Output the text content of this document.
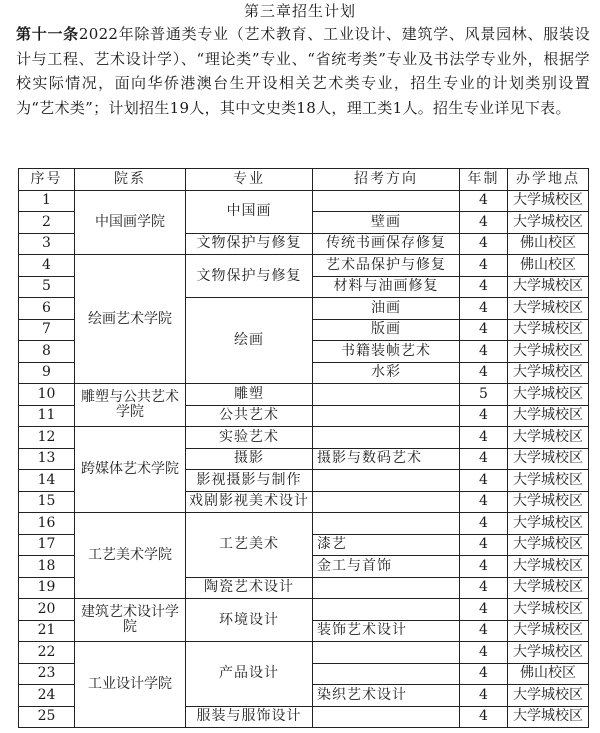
第三章招生计划
第十一条2022年除普通类专业（艺术教育、工业设计、建筑学、风景园林、服装设计与工程、艺术设计学）、“理论类”专业、“省统考类”专业及书法学专业外，根据学校实际情况，面向华侨港澳台生开设相关艺术类专业，招生专业的计划类别设置为“艺术类”；计划招生19人，其中文史类18人，理工类1人。招生专业详见下表。
序号	院系	专业	招考方向	年制	办学地点
1	中国画学院	中国画		4	大学城校区
2			壁画	4	大学城校区
3		文物保护与修复	传统书画保存修复	4	佛山校区
4	绘画艺术学院	文物保护与修复	艺术品保护与修复	4	佛山校区
5			材料与油画修复	4	大学城校区
6		绘画	油画	4	大学城校区
7			版画	4	大学城校区
8			书籍装帧艺术	4	大学城校区
9			水彩	4	大学城校区
10	雕塑与公共艺术学院	雕塑		5	大学城校区
11		公共艺术		4	大学城校区
12	跨媒体艺术学院	实验艺术		4	大学城校区
13		摄影	摄影与数码艺术	4	大学城校区
14		影视摄影与制作		4	大学城校区
15		戏剧影视美术设计		4	大学城校区
16	工艺美术学院	工艺美术		4	大学城校区
17			漆艺	4	大学城校区
18			金工与首饰	4	大学城校区
19		陶瓷艺术设计		4	大学城校区
20	建筑艺术设计学院	环境设计		4	大学城校区
21			装饰艺术设计	4	大学城校区
22	工业设计学院	产品设计		4	大学城校区
23				4	佛山校区
24			染织艺术设计	4	大学城校区
25		服装与服饰设计		4	大学城校区
